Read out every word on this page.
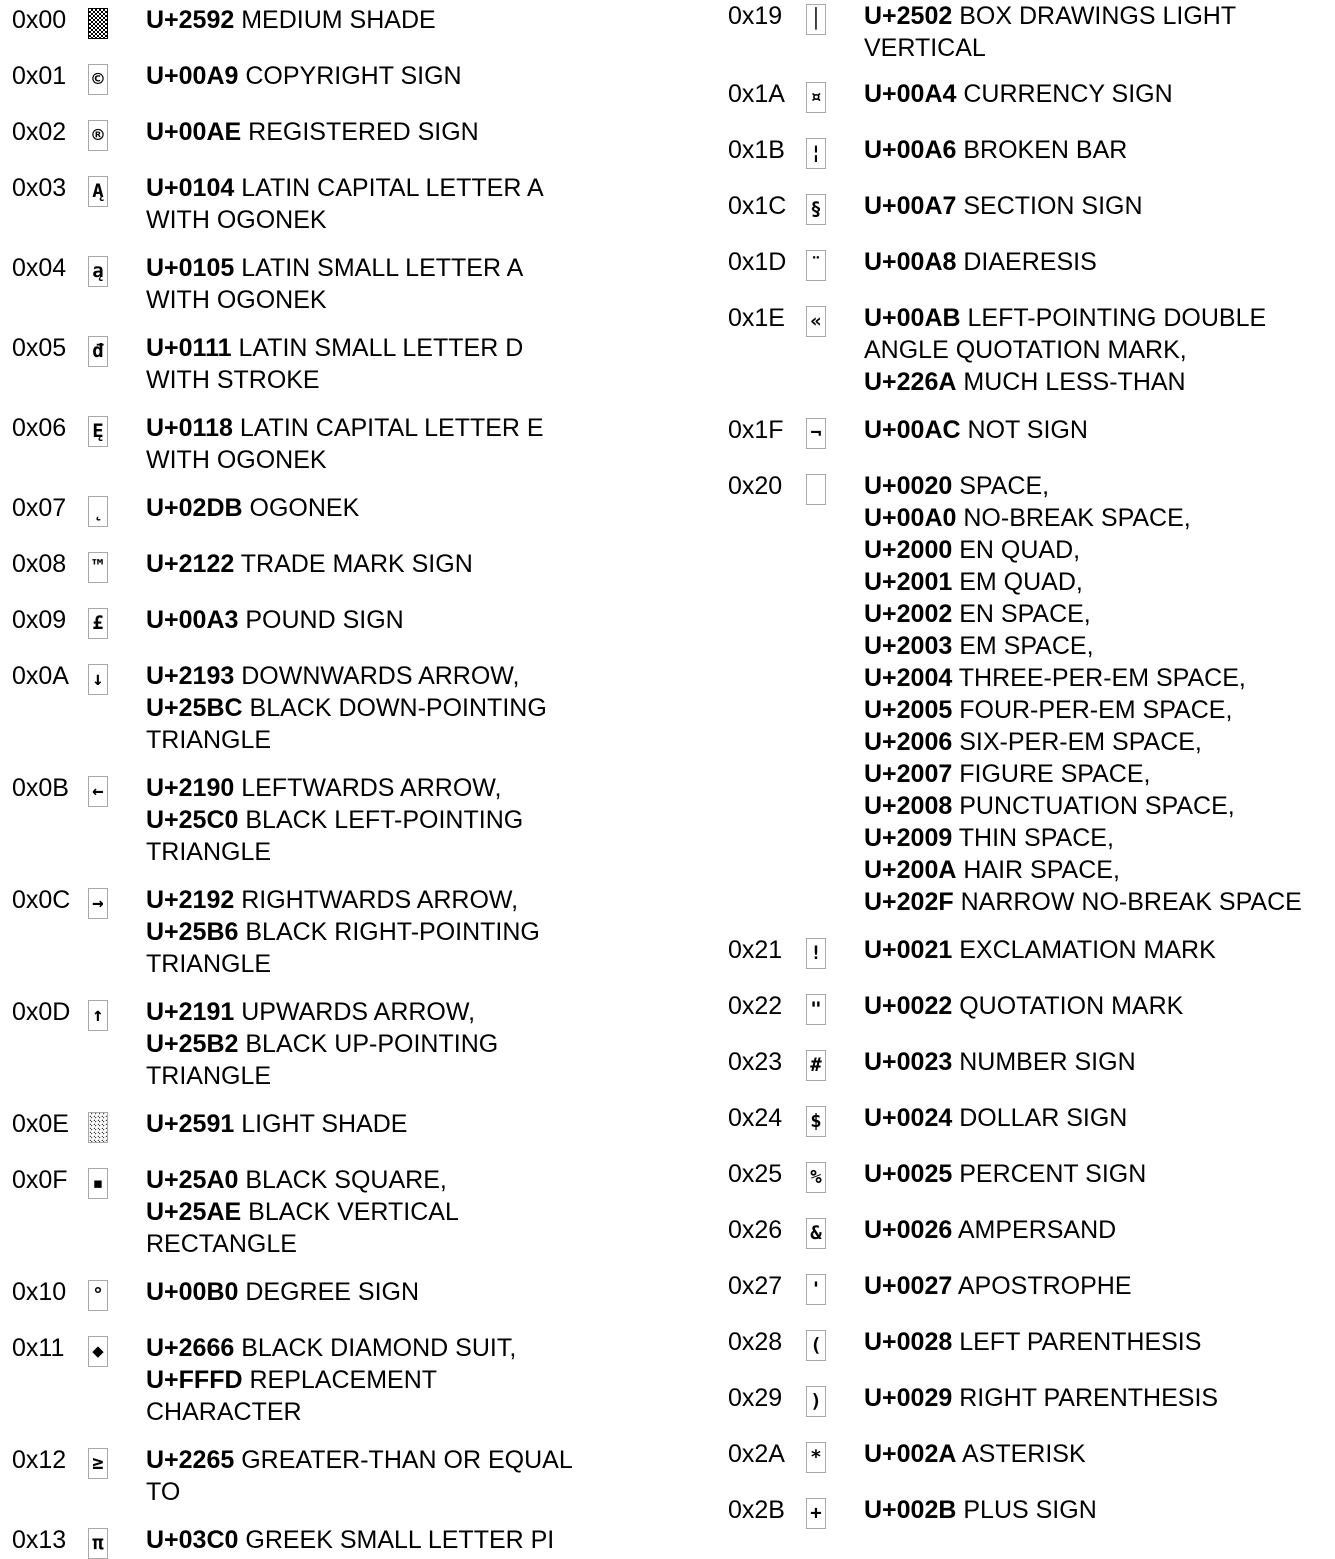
0x00	U+2592 MEDIUM SHADE
0x01 © U+00A9 COPYRIGHT SIGN
0x02 ® U+00AE REGISTERED SIGN
0x03 Ą U+0104 LATIN CAPITAL LETTER A
WITH OGONEK
0x04 ą U+0105 LATIN SMALL LETTER A
WITH OGONEK
0x05 đ U+0111 LATIN SMALL LETTER D
WITH STROKE
0x06 Ę U+0118 LATIN CAPITAL LETTER E
WITH OGONEK
0x07 ˛ U+02DB OGONEK
0x08 ™ U+2122 TRADE MARK SIGN
0x09 £ U+00A3 POUND SIGN
0x0A ↓ U+2193 DOWNWARDS ARROW,
U+25BC BLACK DOWN-POINTING
TRIANGLE
0x0B ← U+2190 LEFTWARDS ARROW,
U+25C0 BLACK LEFT-POINTING
TRIANGLE
0x0C → U+2192 RIGHTWARDS ARROW,
U+25B6 BLACK RIGHT-POINTING
TRIANGLE
0x0D ↑ U+2191 UPWARDS ARROW,
U+25B2 BLACK UP-POINTING
TRIANGLE
0x0E	U+2591 LIGHT SHADE
0x0F ▪ U+25A0 BLACK SQUARE,
U+25AE BLACK VERTICAL
RECTANGLE
0x10 ° U+00B0 DEGREE SIGN
0x11 ◆ U+2666 BLACK DIAMOND SUIT,
U+FFFD REPLACEMENT
CHARACTER
0x12 ≥ U+2265 GREATER-THAN OR EQUAL
TO
0x13 π U+03C0 GREEK SMALL LETTER PI
0x19 │ U+2502 BOX DRAWINGS LIGHT
VERTICAL
0x1A ¤ U+00A4 CURRENCY SIGN
0x1B ¦ U+00A6 BROKEN BAR
0x1C § U+00A7 SECTION SIGN
0x1D ¨ U+00A8 DIAERESIS
0x1E « U+00AB LEFT-POINTING DOUBLE
ANGLE QUOTATION MARK,
U+226A MUCH LESS-THAN
0x1F ¬ U+00AC NOT SIGN
0x20	U+0020 SPACE,
U+00A0 NO-BREAK SPACE,
U+2000 EN QUAD,
U+2001 EM QUAD,
U+2002 EN SPACE,
U+2003 EM SPACE,
U+2004 THREE-PER-EM SPACE,
U+2005 FOUR-PER-EM SPACE,
U+2006 SIX-PER-EM SPACE,
U+2007 FIGURE SPACE,
U+2008 PUNCTUATION SPACE,
U+2009 THIN SPACE,
U+200A HAIR SPACE,
U+202F NARROW NO-BREAK SPACE
0x21 ! U+0021 EXCLAMATION MARK
0x22 " U+0022 QUOTATION MARK
0x23 # U+0023 NUMBER SIGN
0x24 $ U+0024 DOLLAR SIGN
0x25 % U+0025 PERCENT SIGN
0x26 & U+0026 AMPERSAND
0x27 ' U+0027 APOSTROPHE
0x28 ( U+0028 LEFT PARENTHESIS
0x29 ) U+0029 RIGHT PARENTHESIS
0x2A * U+002A ASTERISK
0x2B + U+002B PLUS SIGN
